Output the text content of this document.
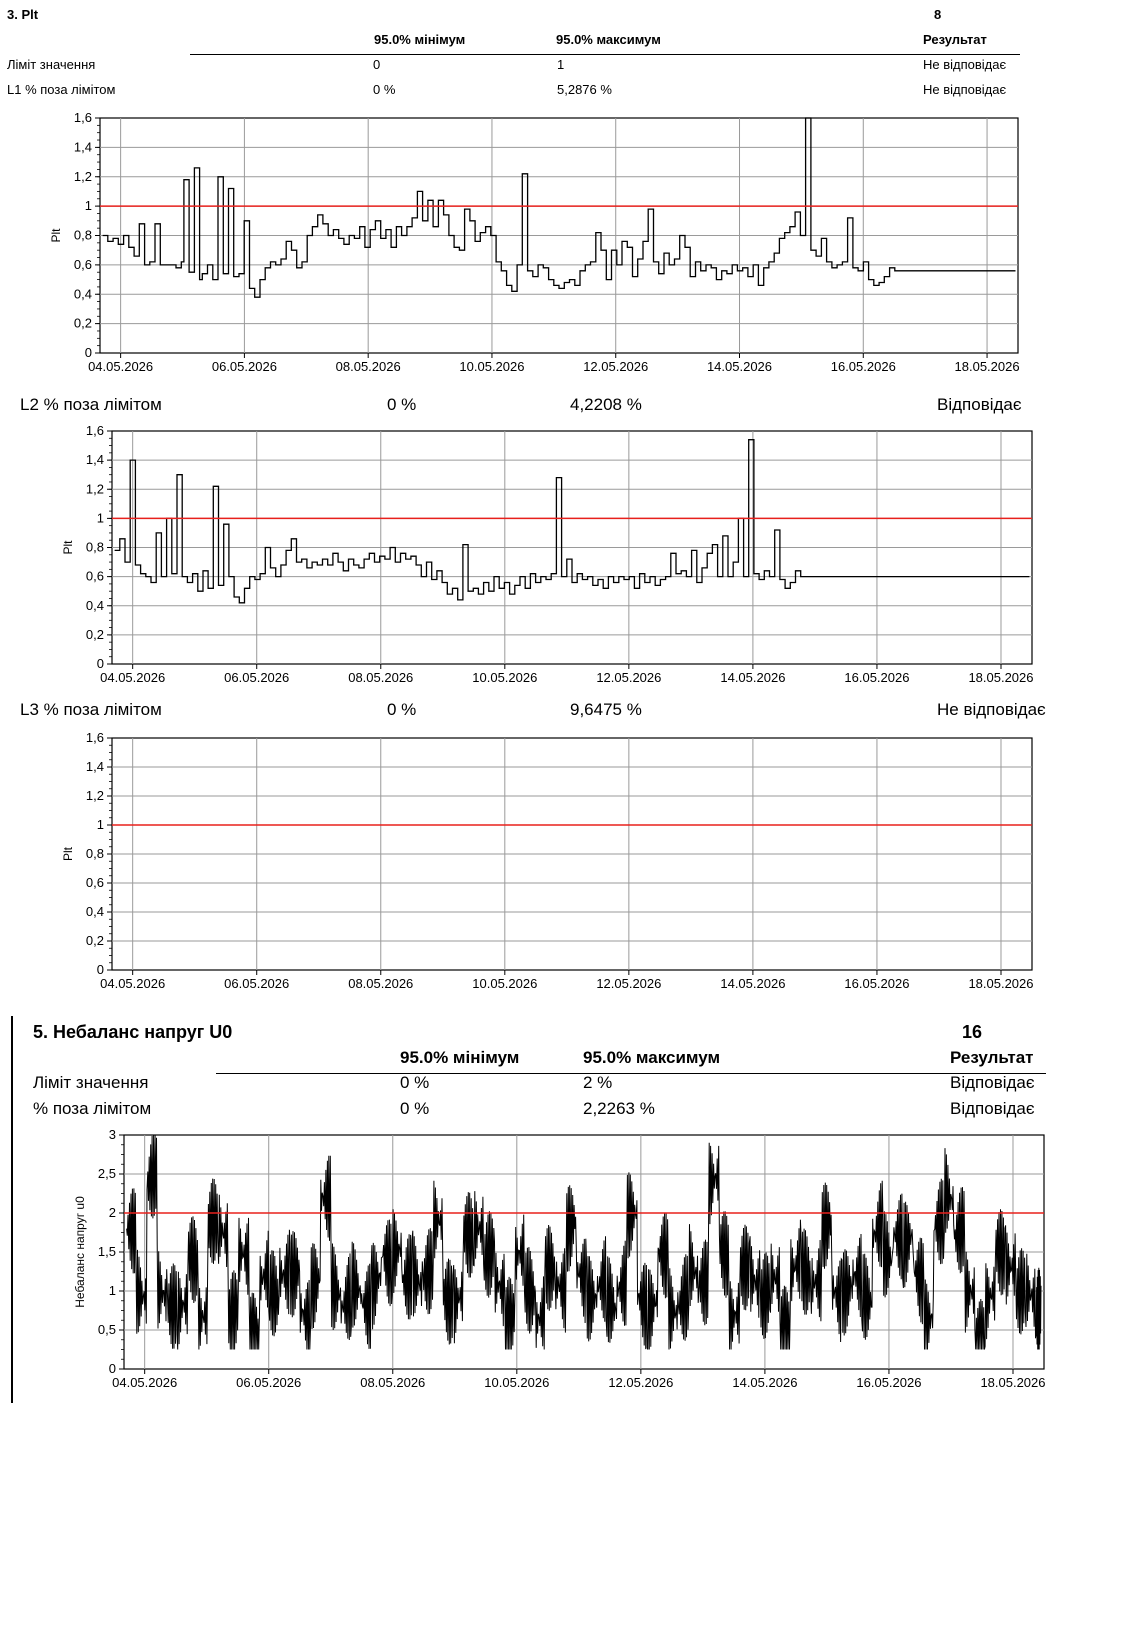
3. Plt	8
95.0% мінімум	95.0% максимум	Результат
Ліміт значення	0	1	Не відповідає
L1 % поза лімітом	0 %	5,2876 %	Не відповідає
0
0,2
0,4
0,6
0,8
1
1,2
1,4
1,6
04.05.2026	06.05.2026	08.05.2026	10.05.2026	12.05.2026	14.05.2026	16.05.2026	18.05.2026
Plt
L2 % поза лімітом	0 %	4,2208 %	Відповідає
0
0,2
0,4
0,6
0,8
1
1,2
1,4
1,6
04.05.2026	06.05.2026	08.05.2026	10.05.2026	12.05.2026	14.05.2026	16.05.2026	18.05.2026
Plt
L3 % поза лімітом	0 %	9,6475 %	Не відповідає
0
0,2
0,4
0,6
0,8
1
1,2
1,4
1,6
04.05.2026	06.05.2026	08.05.2026	10.05.2026	12.05.2026	14.05.2026	16.05.2026	18.05.2026
Plt
5. Небаланс напруг U0	16
95.0% мінімум	95.0% максимум	Результат
Ліміт значення	0 %	2 %	Відповідає
% поза лімітом	0 %	2,2263 %	Відповідає
0
0,5
1
1,5
2
2,5
3
04.05.2026	06.05.2026	08.05.2026	10.05.2026	12.05.2026	14.05.2026	16.05.2026	18.05.2026
Небаланс напруг u0
